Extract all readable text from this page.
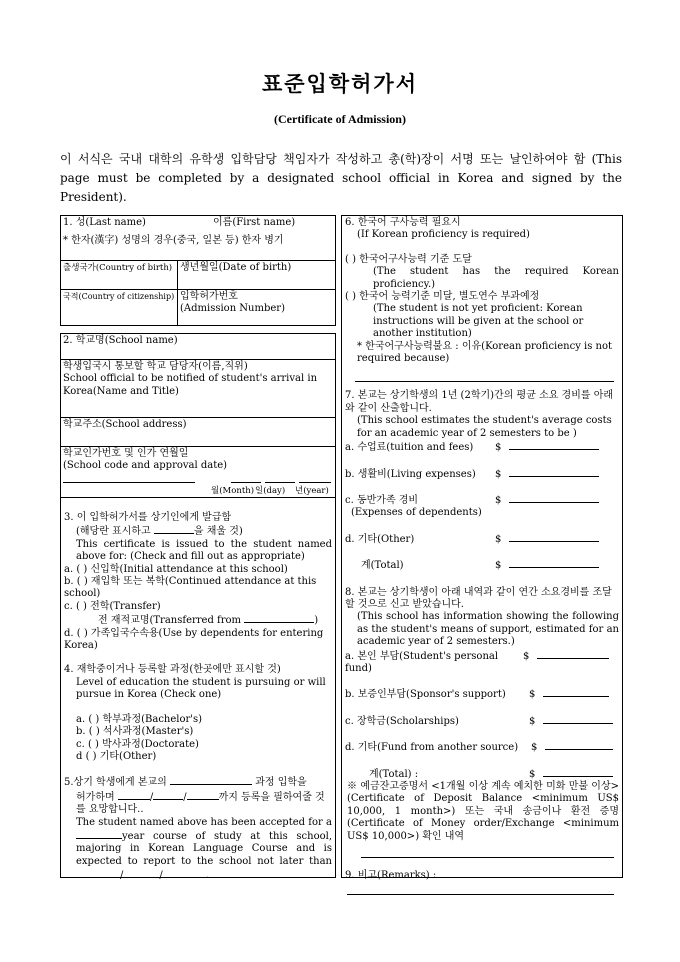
표준입학허가서
(Certificate of Admission)
이 서식은 국내 대학의 유학생 입학담당 책임자가 작성하고 총(학)장이 서명 또는 날인하여야 함 (This page must be completed by a designated school official in Korea and signed by the President).
1. 성(Last name)	이름(First name)
* 한자(漢字) 성명의 경우(중국, 일본 등) 한자 병기
출생국가(Country of birth) 생년월일(Date of birth)
국적(Country of citizenship) 입학허가번호
(Admission Number)
2. 학교명(School name)
학생입국시 통보할 학교 담당자(이름,직위)
School official to be notified of student's arrival in Korea(Name and Title)
학교주소(School address)
학교인가번호 및 인가 연월일
(School code and approval date)
월(Month) 일(day) 년(year)
3. 이 입학허가서를 상기인에게 발급함
(해당란 표시하고	을 채울 것)
This certificate is issued to the student named above for: (Check and fill out as appropriate)
a. ( ) 신입학(Initial attendance at this school)
b. ( ) 재입학 또는 복학(Continued attendance at this school)
c. ( ) 전학(Transfer)
전 재적교명(Transferred from	)
d. ( ) 가족입국수속용(Use by dependents for entering Korea)
4. 재학중이거나 등록할 과정(한곳에만 표시할 것)
Level of education the student is pursuing or will pursue in Korea (Check one)
a. ( ) 학부과정(Bachelor's)
b. ( ) 석사과정(Master's)
c. ( ) 박사과정(Doctorate)
d ( ) 기타(Other)
5.상기 학생에게 본교의	과정 입학을
허가하며	/	/	까지 등록을 필하여줄 것
를 요망합니다..
The student named above has been accepted for a year course of study at this school, majoring in Korean Language Course and is expected to report to the school not later than /	/	.
6. 한국어 구사능력 필요시
(If Korean proficiency is required)
( ) 한국어구사능력 기준 도달
(The student has the required Korean proficiency.)
( ) 한국어 능력기준 미달, 별도연수 부과예정
(The student is not yet proficient: Korean instructions will be given at the school or another institution)
* 한국어구사능력불요 : 이유(Korean proficiency is not required because)
7. 본교는 상기학생의 1년 (2학기)간의 평균 소요 경비를 아래와 같이 산출합니다.
(This school estimates the student's average costs for an academic year of 2 semesters to be )
a. 수업료(tuition and fees)	$
b. 생활비(Living expenses)	$
c. 동반가족 경비	$
(Expenses of dependents)
d. 기타(Other)	$
계(Total)	$
8. 본교는 상기학생이 아래 내역과 같이 연간 소요경비를 조달할 것으로 신고 받았습니다.
(This school has information showing the following as the student's means of support, estimated for an academic year of 2 semesters.)
a. 본인 부담(Student's personal fund)
$
b. 보증인부담(Sponsor's support)	$
c. 장학금(Scholarships)	$
d. 기타(Fund from another source)	$
계(Total) :	$
※ 예금잔고증명서 <1개월 이상 계속 예치한 미화 만불 이상>(Certificate of Deposit Balance <minimum US$ 10,000, 1 month>) 또는 국내 송금이나 환전 증명 (Certificate of Money order/Exchange <minimum US$ 10,000>) 확인 내역
9. 비고(Remarks) :
